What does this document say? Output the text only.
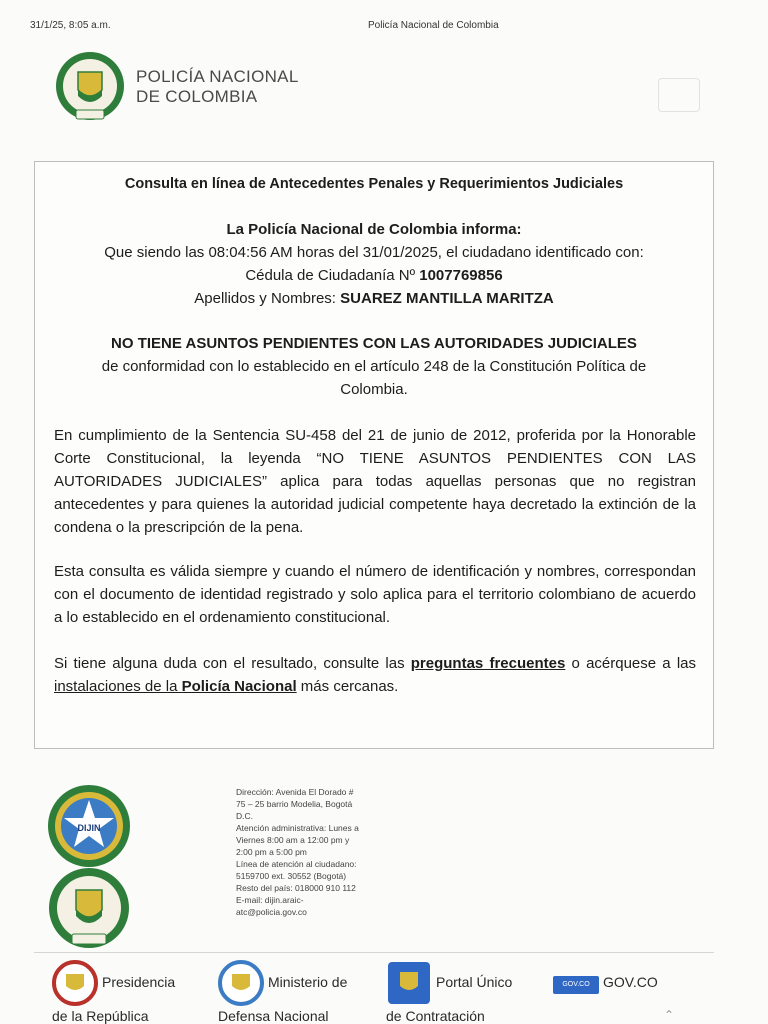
31/1/25, 8:05 a.m.	Policía Nacional de Colombia
POLICÍA NACIONAL
DE COLOMBIA
Consulta en línea de Antecedentes Penales y Requerimientos Judiciales
La Policía Nacional de Colombia informa:
Que siendo las 08:04:56 AM horas del 31/01/2025, el ciudadano identificado con:
Cédula de Ciudadanía Nº 1007769856
Apellidos y Nombres: SUAREZ MANTILLA MARITZA
NO TIENE ASUNTOS PENDIENTES CON LAS AUTORIDADES JUDICIALES
de conformidad con lo establecido en el artículo 248 de la Constitución Política de Colombia.
En cumplimiento de la Sentencia SU-458 del 21 de junio de 2012, proferida por la Honorable Corte Constitucional, la leyenda “NO TIENE ASUNTOS PENDIENTES CON LAS AUTORIDADES JUDICIALES” aplica para todas aquellas personas que no registran antecedentes y para quienes la autoridad judicial competente haya decretado la extinción de la condena o la prescripción de la pena.
Esta consulta es válida siempre y cuando el número de identificación y nombres, correspondan con el documento de identidad registrado y solo aplica para el territorio colombiano de acuerdo a lo establecido en el ordenamiento constitucional.
Si tiene alguna duda con el resultado, consulte las preguntas frecuentes o acérquese a las instalaciones de la Policía Nacional más cercanas.
DIJIN
Dirección: Avenida El Dorado #
75 – 25 barrio Modelia, Bogotá
D.C.
Atención administrativa: Lunes a
Viernes 8:00 am a 12:00 pm y
2:00 pm a 5:00 pm
Línea de atención al ciudadano:
5159700 ext. 30552 (Bogotá)
Resto del país: 018000 910 112
E-mail: dijin.araic-
atc@policia.gov.co
Presidencia
de la República
Ministerio de
Defensa Nacional
Portal Único
de Contratación
GOV.CO GOV.CO
⌃
